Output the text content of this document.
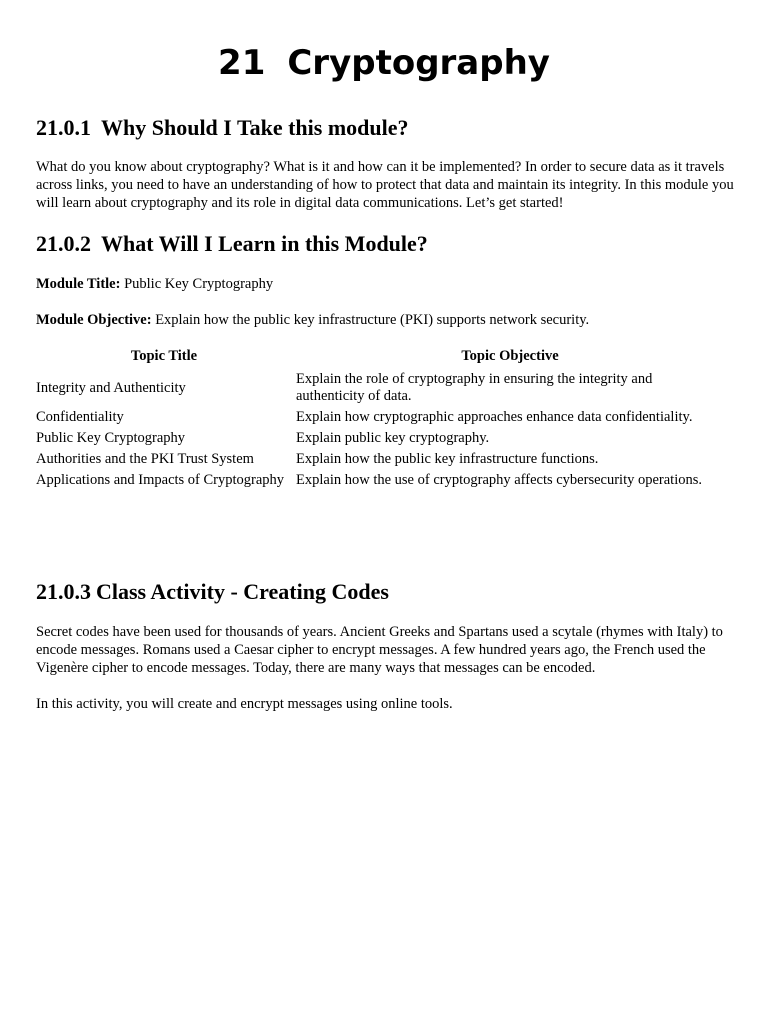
21 Cryptography
21.0.1 Why Should I Take this module?

What do you know about cryptography? What is it and how can it be implemented? In order to secure data as it travels across links, you need to have an understanding of how to protect that data and maintain its integrity. In this module you will learn about cryptography and its role in digital data communications. Let’s get started!

21.0.2 What Will I Learn in this Module?

Module Title: Public Key Cryptography

Module Objective: Explain how the public key infrastructure (PKI) supports network security.

Topic Title	Topic Objective
Integrity and Authenticity	Explain the role of cryptography in ensuring the integrity and authenticity of data.
Confidentiality	Explain how cryptographic approaches enhance data confidentiality.
Public Key Cryptography	Explain public key cryptography.
Authorities and the PKI Trust System	Explain how the public key infrastructure functions.
Applications and Impacts of Cryptography	Explain how the use of cryptography affects cybersecurity operations.
21.0.3 Class Activity - Creating Codes

Secret codes have been used for thousands of years. Ancient Greeks and Spartans used a scytale (rhymes with Italy) to encode messages. Romans used a Caesar cipher to encrypt messages. A few hundred years ago, the French used the Vigenère cipher to encode messages. Today, there are many ways that messages can be encoded.

In this activity, you will create and encrypt messages using online tools.
